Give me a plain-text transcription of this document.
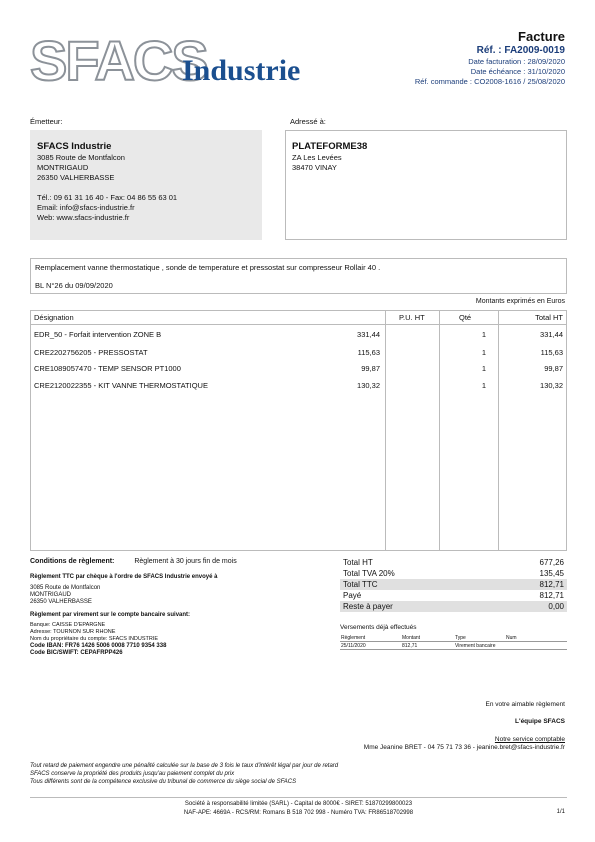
SFACS
Industrie
Facture
Réf. : FA2009-0019
Date facturation : 28/09/2020
Date échéance : 31/10/2020
Réf. commande : CO2008-1616 / 25/08/2020
Émetteur:	Adressé à:
SFACS Industrie
3085 Route de Montfalcon
MONTRIGAUD
26350 VALHERBASSE
Tél.: 09 61 31 16 40 - Fax: 04 86 55 63 01
Email: info@sfacs-industrie.fr
Web: www.sfacs-industrie.fr
PLATEFORME38
ZA Les Levées
38470 VINAY
Remplacement vanne thermostatique , sonde de temperature et pressostat sur compresseur Rollair 40 .
BL N°26 du 09/09/2020
Montants exprimés en Euros
Désignation	P.U. HT	Qté	Total HT
EDR_50 - Forfait intervention ZONE B	331,44	1	331,44
CRE2202756205 - PRESSOSTAT	115,63	1	115,63
CRE1089057470 - TEMP SENSOR PT1000	99,87	1	99,87
CRE2120022355 - KIT VANNE THERMOSTATIQUE	130,32	1	130,32
Conditions de règlement:	Règlement à 30 jours fin de mois
Règlement TTC par chèque à l'ordre de SFACS Industrie envoyé à
3085 Route de Montfalcon
MONTRIGAUD
26350 VALHERBASSE
Règlement par virement sur le compte bancaire suivant:
Banque: CAISSE D'EPARGNE
Adresse: TOURNON SUR RHONE
Nom du propriétaire du compte: SFACS INDUSTRIE
Code IBAN: FR76 1426 5006 0008 7710 9354 338
Code BIC/SWIFT: CEPAFRPP426
Total HT	677,26
Total TVA 20%	135,45
Total TTC	812,71
Payé	812,71
Reste à payer	0,00
Versements déjà effectués
Règlement	Montant	Type	Num
25/11/2020	812,71	Virement bancaire
En votre aimable règlement
L'équipe SFACS
Notre service comptable
Mme Jeanine BRET - 04 75 71 73 36 - jeanine.bret@sfacs-industrie.fr
Tout retard de paiement engendre une pénalité calculée sur la base de 3 fois le taux d'intérêt légal par jour de retard
SFACS conserve la propriété des produits jusqu'au paiement complet du prix
Tous différents sont de la compétence exclusive du tribunal de commerce du siège social de SFACS
Société à responsabilité limitée (SARL) - Capital de 8000€ - SIRET: 51870299800023
NAF-APE: 4669A - RCS/RM: Romans B 518 702 998 - Numéro TVA: FR86518702998	1/1
